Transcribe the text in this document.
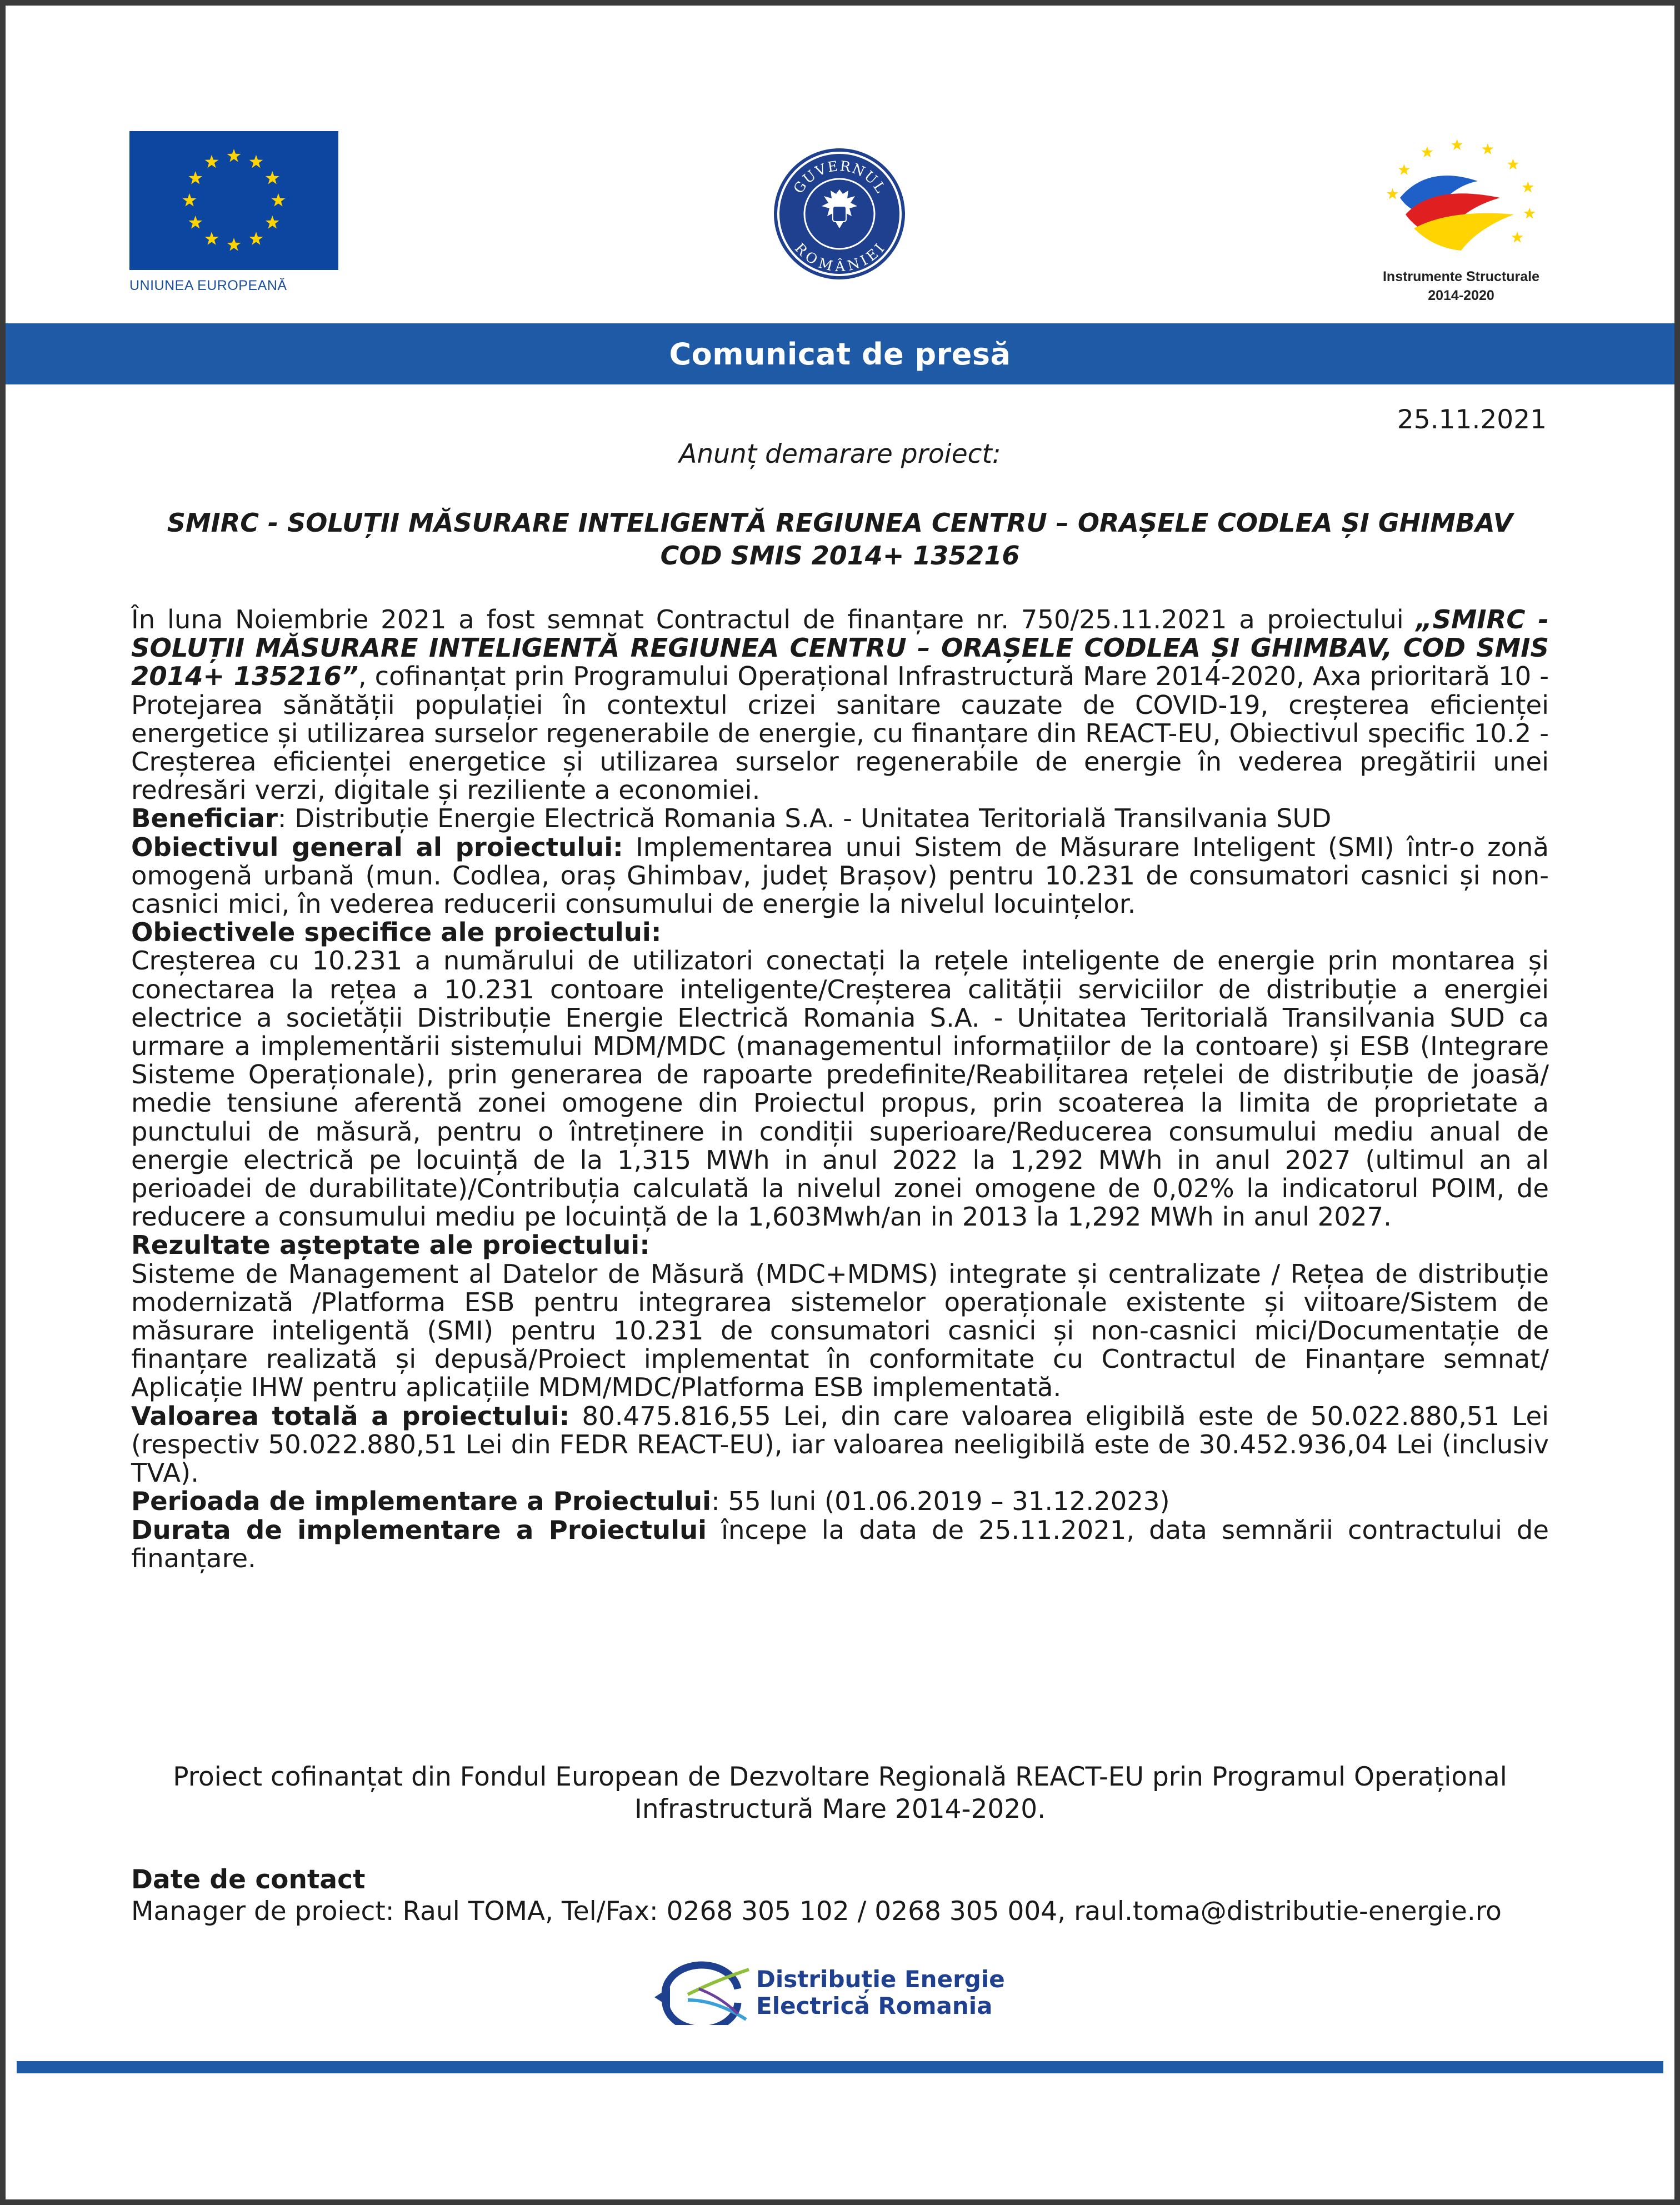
UNIUNEA EUROPEANĂ
GUVERNUL
ROMÂNIEI
Instrumente Structurale
2014-2020
Comunicat de presă
25.11.2021
Anunț demarare proiect:
SMIRC - SOLUȚII MĂSURARE INTELIGENTĂ REGIUNEA CENTRU – ORAȘELE CODLEA ȘI GHIMBAV
COD SMIS 2014+ 135216

În luna Noiembrie 2021 a fost semnat Contractul de finanțare nr. 750/25.11.2021 a proiectului „SMIRC - SOLUȚII MĂSURARE INTELIGENTĂ REGIUNEA CENTRU – ORAȘELE CODLEA ȘI GHIMBAV, COD SMIS 2014+ 135216”, cofinanțat prin Programului Operațional Infrastructură Mare 2014-2020, Axa prioritară 10 - Protejarea sănătății populației în contextul crizei sanitare cauzate de COVID-19, creșterea eficienței energetice și utilizarea surselor regenerabile de energie, cu finanțare din REACT-EU, Obiectivul specific 10.2 - Creșterea eficienței energetice și utilizarea surselor regenerabile de energie în vederea pregătirii unei redresări verzi, digitale și reziliente a economiei.

Beneficiar: Distribuție Energie Electrică Romania S.A. - Unitatea Teritorială Transilvania SUD

Obiectivul general al proiectului: Implementarea unui Sistem de Măsurare Inteligent (SMI) într-o zonă omogenă urbană (mun. Codlea, oraș Ghimbav, județ Brașov) pentru 10.231 de consumatori casnici și non-casnici mici, în vederea reducerii consumului de energie la nivelul locuințelor.

Obiectivele specifice ale proiectului:

Creșterea cu 10.231 a numărului de utilizatori conectați la rețele inteligente de energie prin montarea și conectarea la rețea a 10.231 contoare inteligente/Creșterea calității serviciilor de distribuție a energiei electrice a societății Distribuție Energie Electrică Romania S.A. - Unitatea Teritorială Transilvania SUD ca urmare a implementării sistemului MDM/MDC (managementul informațiilor de la contoare) și ESB (Integrare Sisteme Operaționale), prin generarea de rapoarte predefinite/Reabilitarea rețelei de distribuție de joasă/ medie tensiune aferentă zonei omogene din Proiectul propus, prin scoaterea la limita de proprietate a punctului de măsură, pentru o întreținere in condiții superioare/Reducerea consumului mediu anual de energie electrică pe locuință de la 1,315 MWh in anul 2022 la 1,292 MWh in anul 2027 (ultimul an al perioadei de durabilitate)/Contribuția calculată la nivelul zonei omogene de 0,02% la indicatorul POIM, de reducere a consumului mediu pe locuință de la 1,603Mwh/an in 2013 la 1,292 MWh in anul 2027.

Rezultate așteptate ale proiectului:

Sisteme de Management al Datelor de Măsură (MDC+MDMS) integrate și centralizate / Rețea de distribuție modernizată /Platforma ESB pentru integrarea sistemelor operaționale existente și viitoare/Sistem de măsurare inteligentă (SMI) pentru 10.231 de consumatori casnici și non-casnici mici/Documentație de finanțare realizată și depusă/Proiect implementat în conformitate cu Contractul de Finanțare semnat/ Aplicație IHW pentru aplicațiile MDM/MDC/Platforma ESB implementată.

Valoarea totală a proiectului: 80.475.816,55 Lei, din care valoarea eligibilă este de 50.022.880,51 Lei (respectiv 50.022.880,51 Lei din FEDR REACT-EU), iar valoarea neeligibilă este de 30.452.936,04 Lei (inclusiv TVA).

Perioada de implementare a Proiectului: 55 luni (01.06.2019 – 31.12.2023)

Durata de implementare a Proiectului începe la data de 25.11.2021, data semnării contractului de finanțare.

Proiect cofinanțat din Fondul European de Dezvoltare Regională REACT-EU prin Programul Operațional
Infrastructură Mare 2014-2020.
Date de contact
Manager de proiect: Raul TOMA, Tel/Fax: 0268 305 102 / 0268 305 004, raul.toma@distributie-energie.ro
Distribuție Energie
Electrică Romania
